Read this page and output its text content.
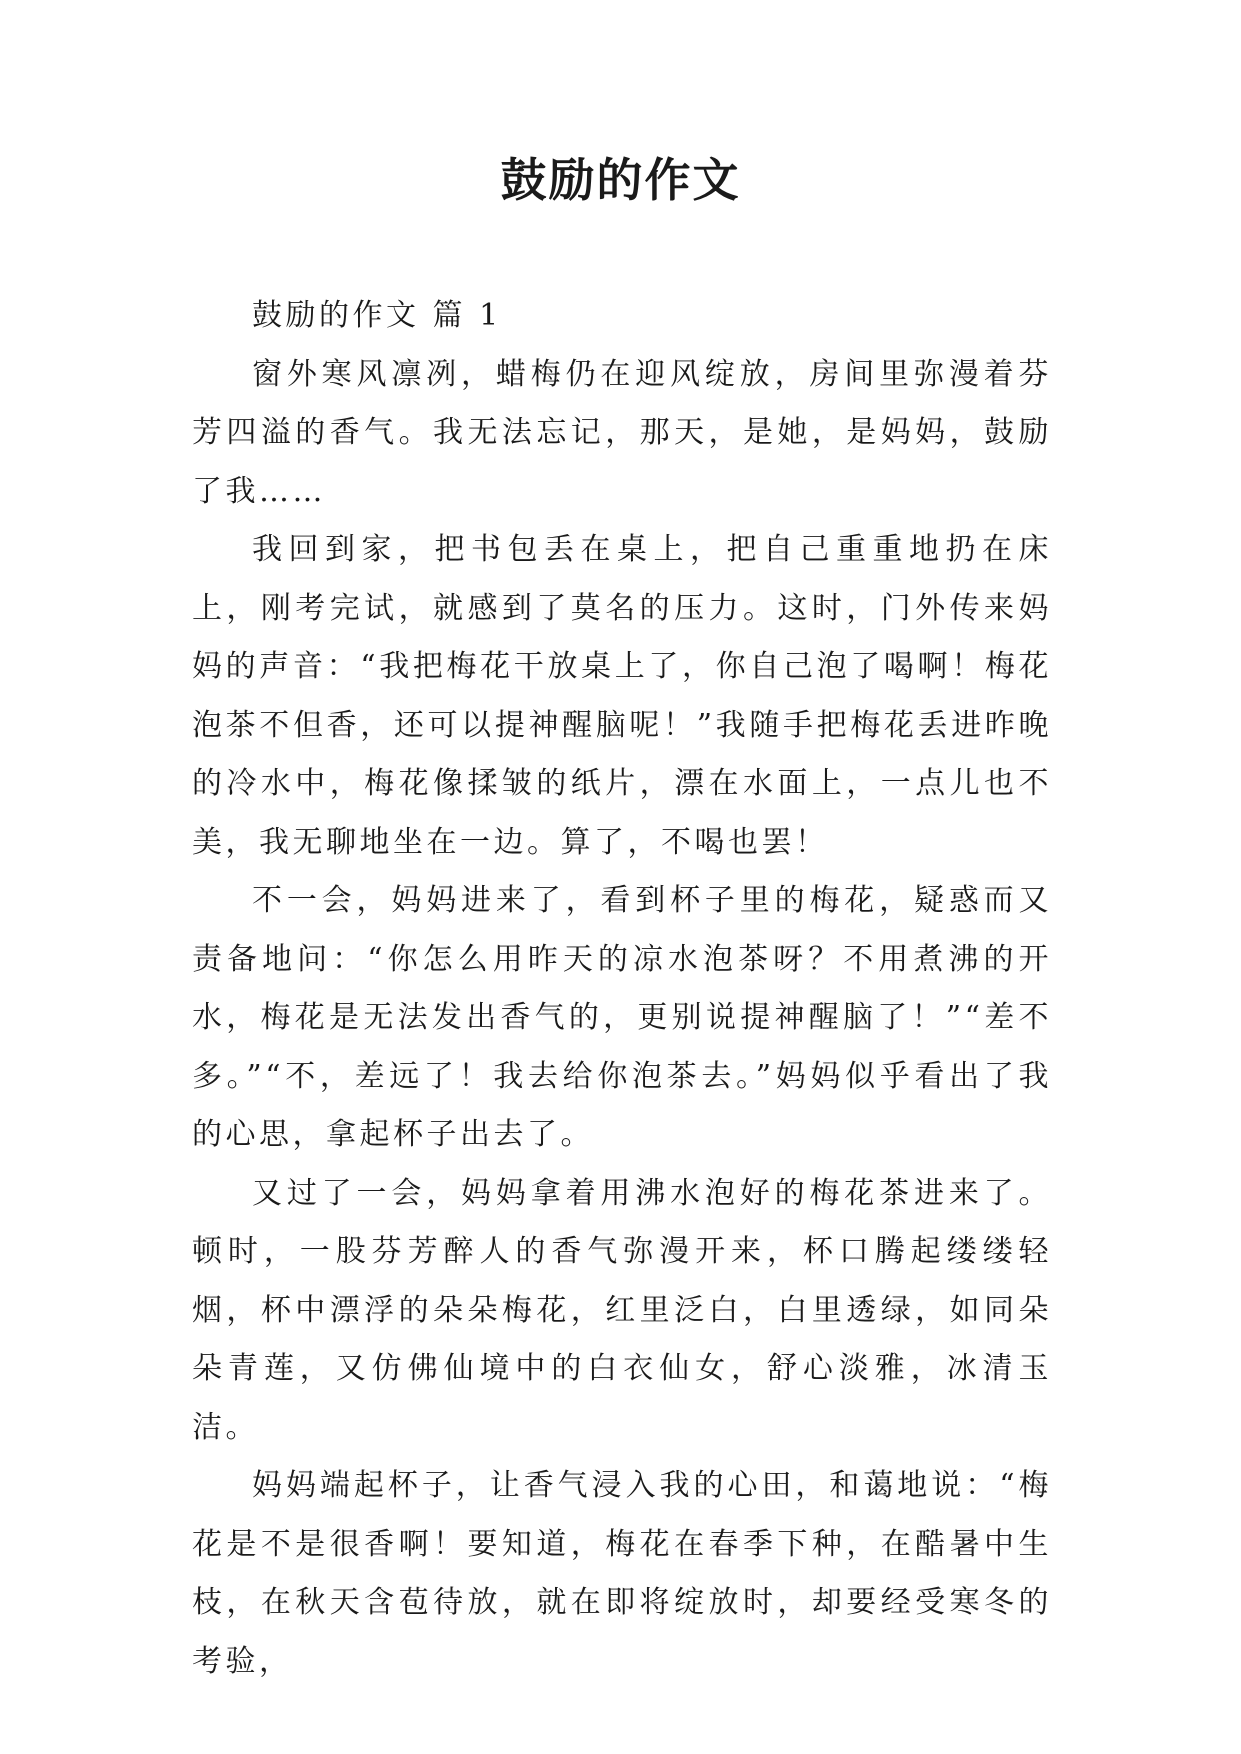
鼓励的作文

鼓励的作文 篇 1

窗外寒风凛冽，蜡梅仍在迎风绽放，房间里弥漫着芬芳四溢的香气。我无法忘记，那天，是她，是妈妈，鼓励了我……

我回到家，把书包丢在桌上，把自己重重地扔在床上，刚考完试，就感到了莫名的压力。这时，门外传来妈妈的声音：“我把梅花干放桌上了，你自己泡了喝啊！梅花泡茶不但香，还可以提神醒脑呢！”我随手把梅花丢进昨晚的冷水中，梅花像揉皱的纸片，漂在水面上，一点儿也不美，我无聊地坐在一边。算了，不喝也罢！

不一会，妈妈进来了，看到杯子里的梅花，疑惑而又责备地问：“你怎么用昨天的凉水泡茶呀？不用煮沸的开水，梅花是无法发出香气的，更别说提神醒脑了！”“差不多。”“不，差远了！我去给你泡茶去。”妈妈似乎看出了我的心思，拿起杯子出去了。

又过了一会，妈妈拿着用沸水泡好的梅花茶进来了。顿时，一股芬芳醉人的香气弥漫开来，杯口腾起缕缕轻烟，杯中漂浮的朵朵梅花，红里泛白，白里透绿，如同朵朵青莲，又仿佛仙境中的白衣仙女，舒心淡雅，冰清玉洁。

妈妈端起杯子，让香气浸入我的心田，和蔼地说：“梅花是不是很香啊！要知道，梅花在春季下种，在酷暑中生枝，在秋天含苞待放，就在即将绽放时，却要经受寒冬的考验，
